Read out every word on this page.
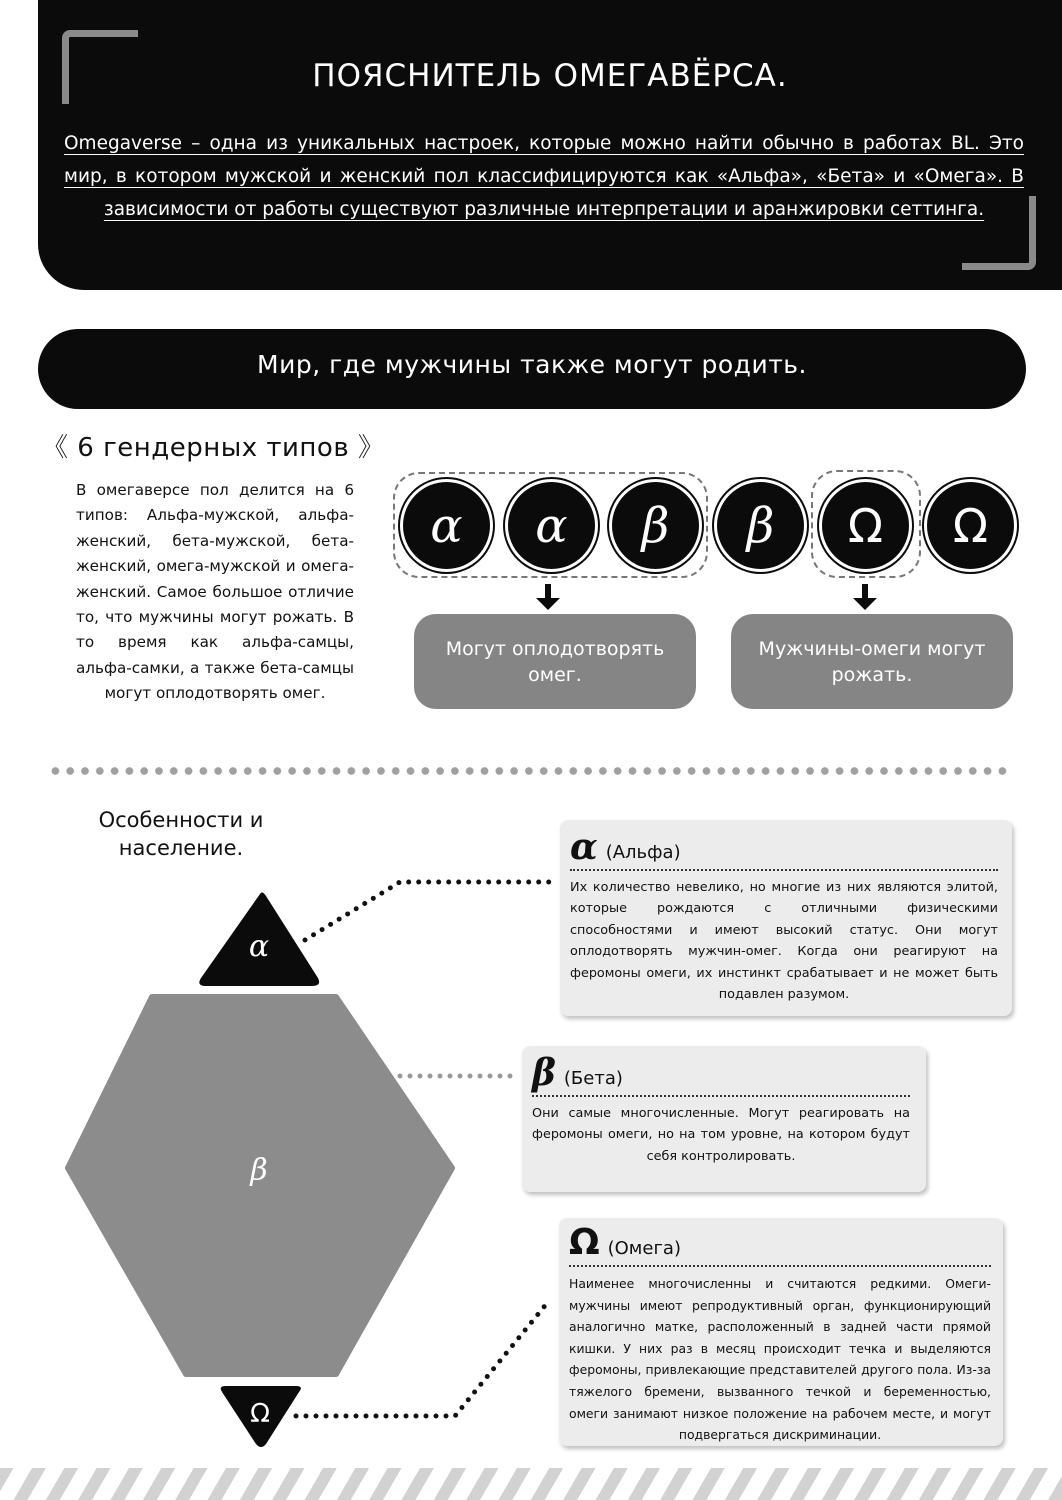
ПОЯСНИТЕЛЬ ОМЕГАВЁРСА.
Omegaverse – одна из уникальных настроек, которые можно найти обычно в работах BL. Это мир, в котором мужской и женский пол классифицируются как «Альфа», «Бета» и «Омега». В зависимости от работы существуют различные интерпретации и аранжировки сеттинга.
Мир, где мужчины также могут родить.
《 6 гендерных типов 》
В омегаверсе пол делится на 6 типов: Альфа-мужской, альфа-женский, бета-мужской, бета-женский, омега-мужской и омега-женский. Самое большое отличие то, что мужчины могут рожать. В то время как альфа-самцы, альфа-самки, а также бета-самцы могут оплодотворять омег.
α	α	β	β	Ω	Ω
Могут оплодотворять омег.
Мужчины-омеги могут рожать.
Особенности и население.
α
β
Ω
α (Альфа)
Их количество невелико, но многие из них являются элитой, которые рождаются с отличными физическими способностями и имеют высокий статус. Они могут оплодотворять мужчин-омег. Когда они реагируют на феромоны омеги, их инстинкт срабатывает и не может быть подавлен разумом.
β (Бета)
Они самые многочисленные. Могут реагировать на феромоны омеги, но на том уровне, на котором будут себя контролировать.
Ω (Омега)
Наименее многочисленны и считаются редкими. Омеги-мужчины имеют репродуктивный орган, функционирующий аналогично матке, расположенный в задней части прямой кишки. У них раз в месяц происходит течка и выделяются феромоны, привлекающие представителей другого пола. Из-за тяжелого бремени, вызванного течкой и беременностью, омеги занимают низкое положение на рабочем месте, и могут подвергаться дискриминации.
